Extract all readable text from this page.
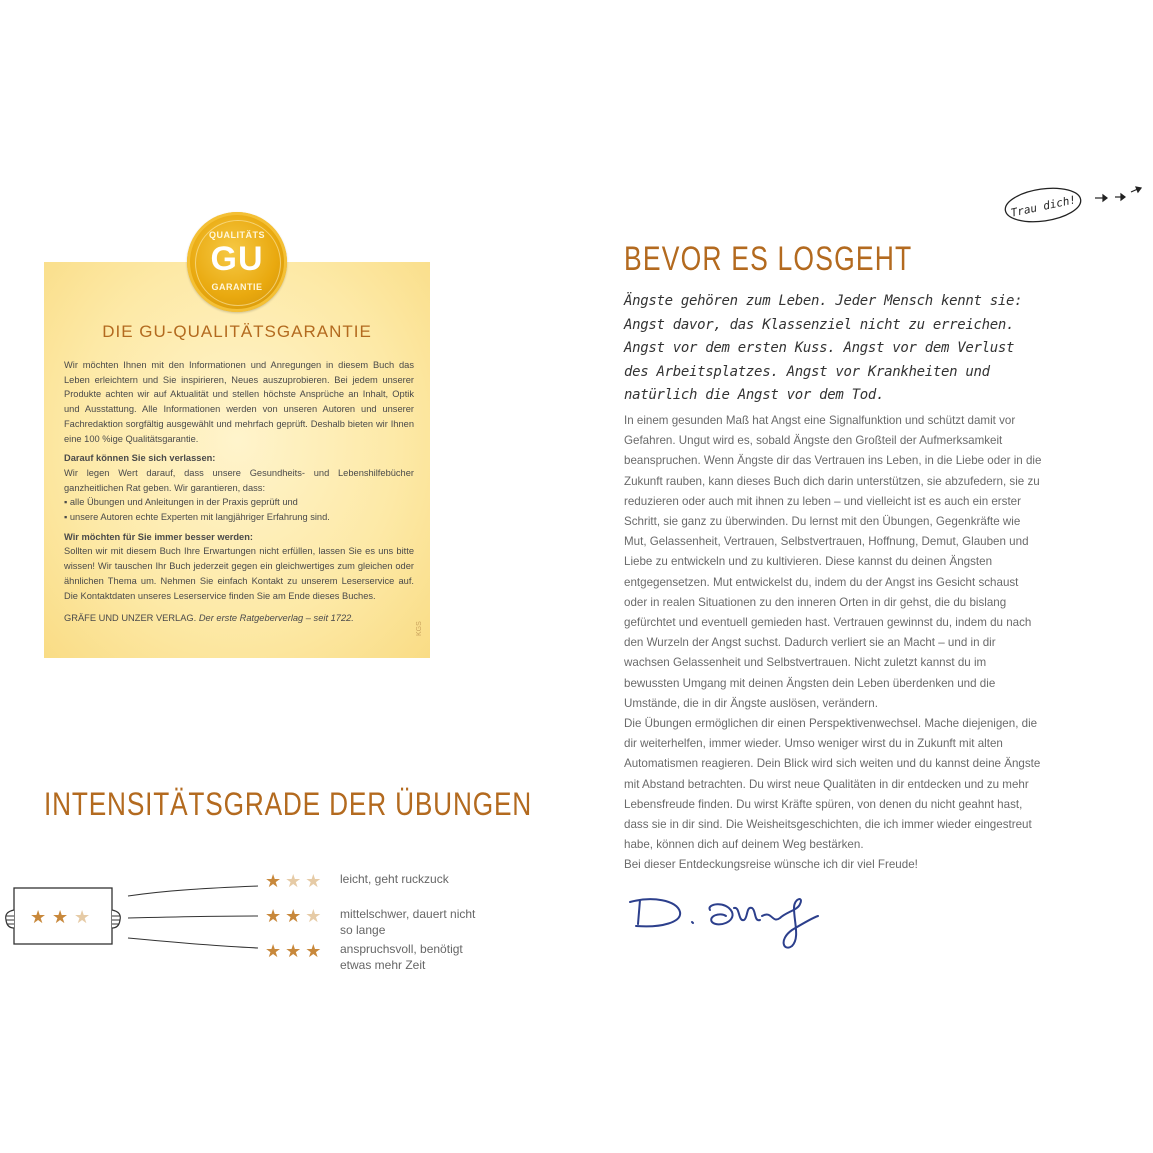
QUALITÄTS
GU
GARANTIE
DIE GU-QUALITÄTSGARANTIE

Wir möchten Ihnen mit den Informationen und Anregungen in diesem Buch das Leben erleichtern und Sie inspirieren, Neues auszuprobieren. Bei jedem unserer Produkte achten wir auf Aktualität und stellen höchste Ansprüche an Inhalt, Optik und Ausstattung. Alle Informationen werden von unseren Autoren und unserer Fachredaktion sorgfältig ausgewählt und mehrfach geprüft. Deshalb bieten wir Ihnen eine 100 %ige Qualitätsgarantie.

Darauf können Sie sich verlassen:

Wir legen Wert darauf, dass unsere Gesundheits- und Lebenshilfebücher ganzheitlichen Rat geben. Wir garantieren, dass:

▪ alle Übungen und Anleitungen in der Praxis geprüft und
▪ unsere Autoren echte Experten mit langjähriger Erfahrung sind.

Wir möchten für Sie immer besser werden:

Sollten wir mit diesem Buch Ihre Erwartungen nicht erfüllen, lassen Sie es uns bitte wissen! Wir tauschen Ihr Buch jederzeit gegen ein gleichwertiges zum gleichen oder ähnlichen Thema um. Nehmen Sie einfach Kontakt zu unserem Leserservice auf. Die Kontaktdaten unseres Leserservice finden Sie am Ende dieses Buches.

GRÄFE UND UNZER VERLAG. Der erste Ratgeberverlag – seit 1722.

KGS
INTENSITÄTSGRADE DER ÜBUNGEN
★ ★ ★
★★★ leicht, geht ruckzuck
★★★ mittelschwer, dauert nicht so lange
★★★ anspruchsvoll, benötigt etwas mehr Zeit
Trau dich!
BEVOR ES LOSGEHT
Ängste gehören zum Leben. Jeder Mensch kennt sie: Angst davor, das Klassenziel nicht zu erreichen. Angst vor dem ersten Kuss. Angst vor dem Verlust des Arbeitsplatzes. Angst vor Krankheiten und natürlich die Angst vor dem Tod.

In einem gesunden Maß hat Angst eine Signalfunktion und schützt damit vor Gefahren. Ungut wird es, sobald Ängste den Großteil der Aufmerksamkeit beanspruchen. Wenn Ängste dir das Vertrauen ins Leben, in die Liebe oder in die Zukunft rauben, kann dieses Buch dich darin unterstützen, sie abzufedern, sie zu reduzieren oder auch mit ihnen zu leben – und vielleicht ist es auch ein erster Schritt, sie ganz zu überwinden. Du lernst mit den Übungen, Gegenkräfte wie Mut, Gelassenheit, Vertrauen, Selbstvertrauen, Hoffnung, Demut, Glauben und Liebe zu entwickeln und zu kultivieren. Diese kannst du deinen Ängsten entgegensetzen. Mut entwickelst du, indem du der Angst ins Gesicht schaust oder in realen Situationen zu den inneren Orten in dir gehst, die du bislang gefürchtet und eventuell gemieden hast. Vertrauen gewinnst du, indem du nach den Wurzeln der Angst suchst. Dadurch verliert sie an Macht – und in dir wachsen Gelassenheit und Selbstvertrauen. Nicht zuletzt kannst du im bewussten Umgang mit deinen Ängsten dein Leben überdenken und die Umstände, die in dir Ängste auslösen, verändern.

Die Übungen ermöglichen dir einen Perspektivenwechsel. Mache diejenigen, die dir weiterhelfen, immer wieder. Umso weniger wirst du in Zukunft mit alten Automatismen reagieren. Dein Blick wird sich weiten und du kannst deine Ängste mit Abstand betrachten. Du wirst neue Qualitäten in dir entdecken und zu mehr Lebensfreude finden. Du wirst Kräfte spüren, von denen du nicht geahnt hast, dass sie in dir sind. Die Weisheitsgeschichten, die ich immer wieder eingestreut habe, können dich auf deinem Weg bestärken.

Bei dieser Entdeckungsreise wünsche ich dir viel Freude!
